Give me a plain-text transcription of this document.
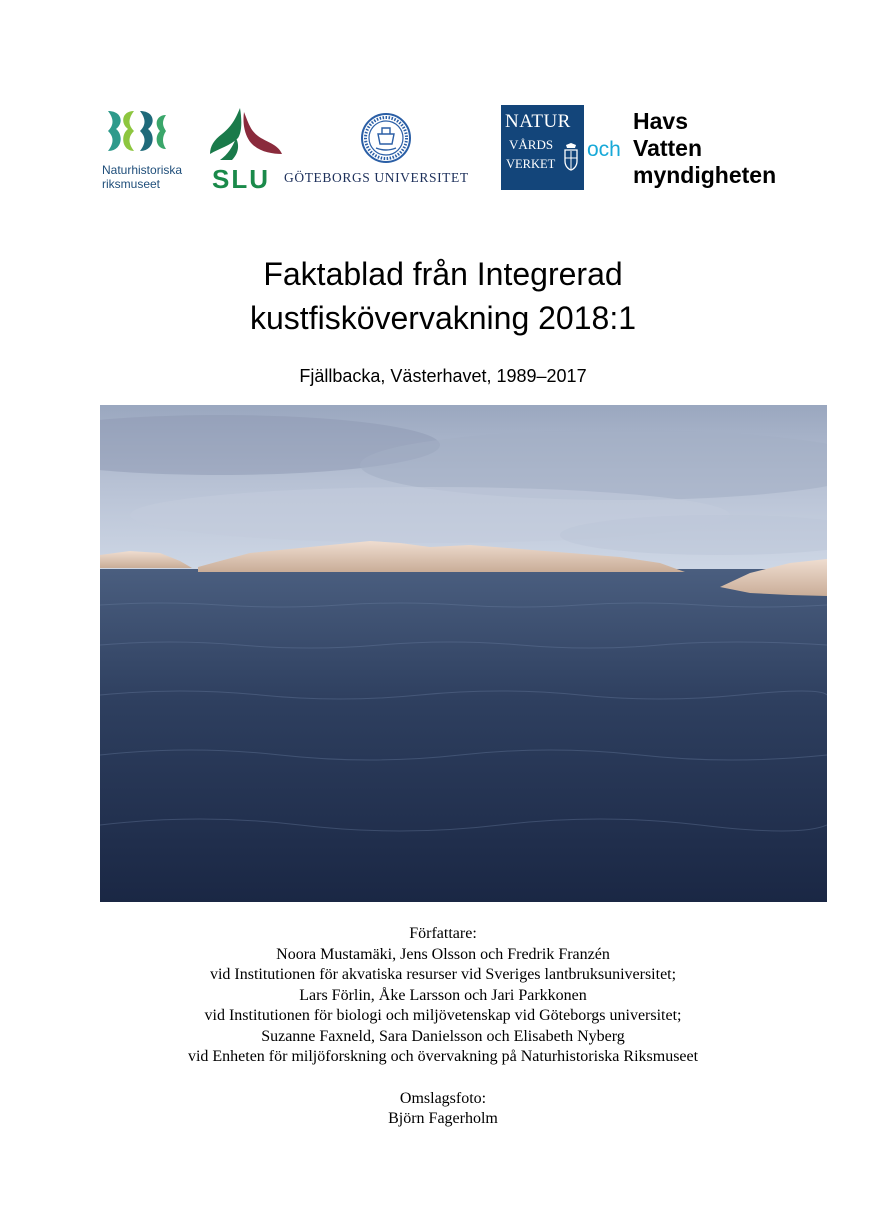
Naturhistoriska
riksmuseet	SLU GÖTEBORGS UNIVERSITET
NATUR
VÅRDS
VERKET
och
Havs
Vatten
myndigheten
Faktablad från Integrerad
kustfiskövervakning 2018:1
Fjällbacka, Västerhavet, 1989–2017
Författare:
Noora Mustamäki, Jens Olsson och Fredrik Franzén
vid Institutionen för akvatiska resurser vid Sveriges lantbruksuniversitet;
Lars Förlin, Åke Larsson och Jari Parkkonen
vid Institutionen för biologi och miljövetenskap vid Göteborgs universitet;
Suzanne Faxneld, Sara Danielsson och Elisabeth Nyberg
vid Enheten för miljöforskning och övervakning på Naturhistoriska Riksmuseet
Omslagsfoto:
Björn Fagerholm
